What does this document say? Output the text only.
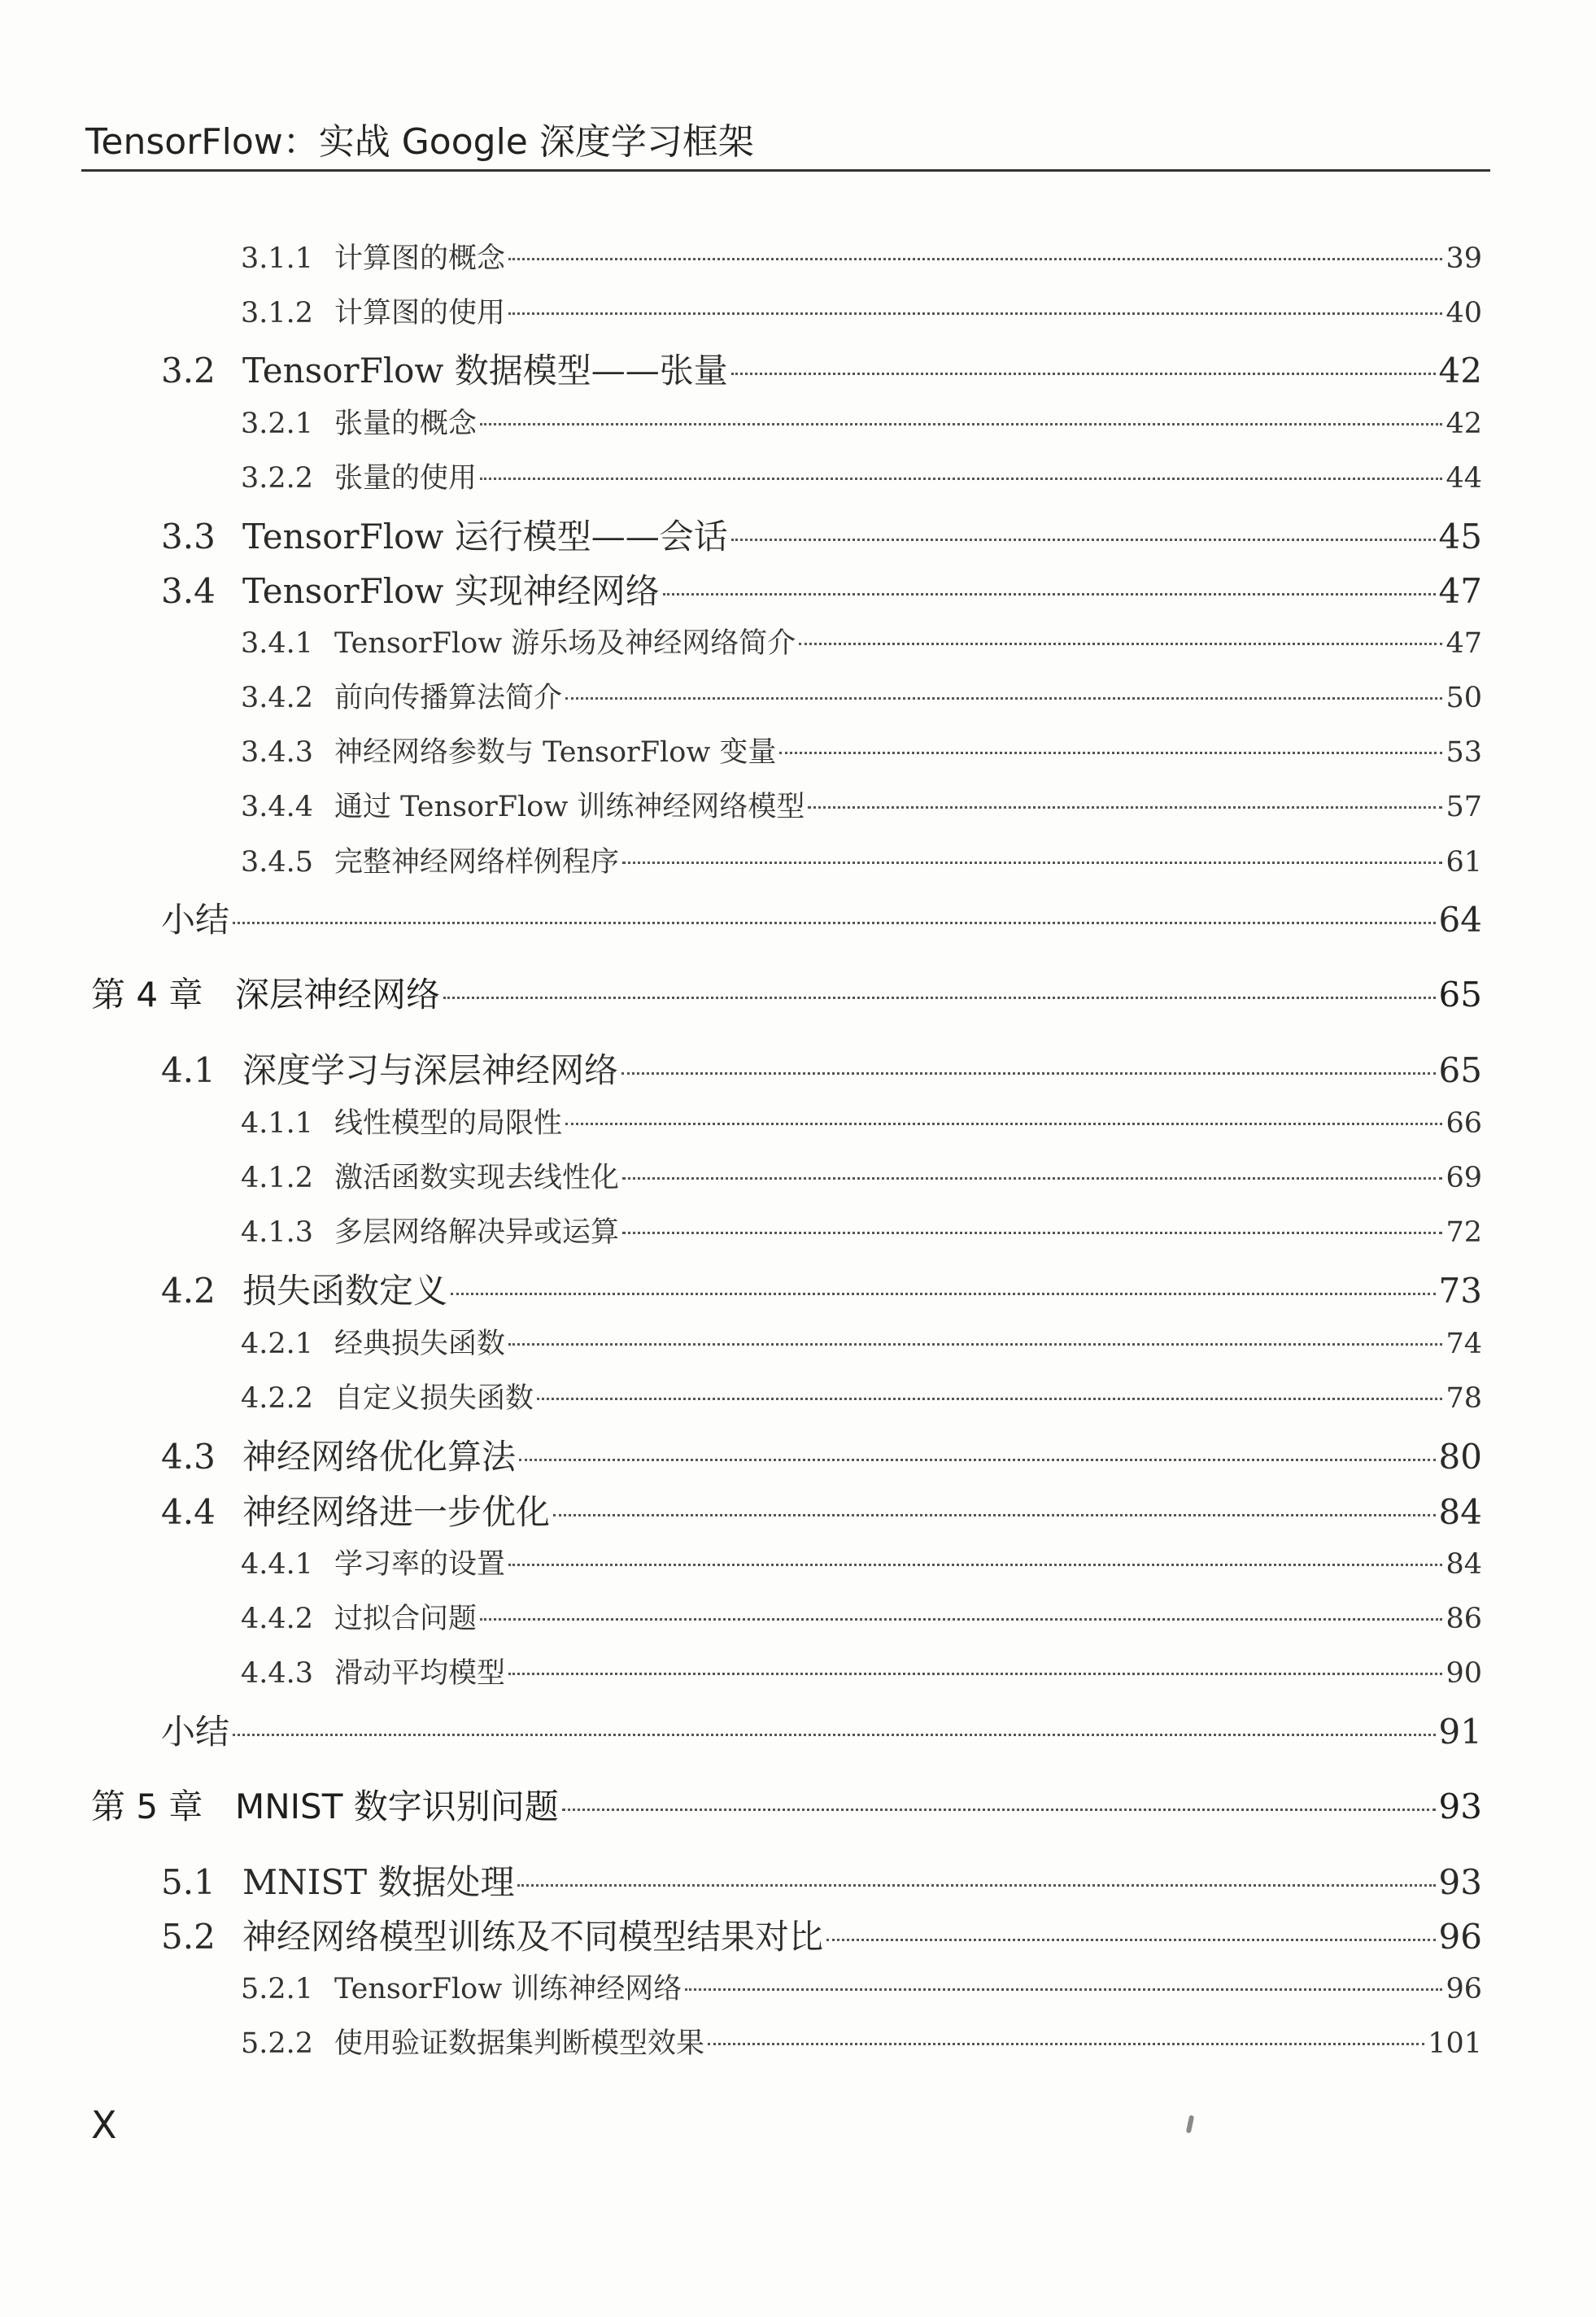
TensorFlow：实战 Google 深度学习框架
3.1.1 计算图的概念	39
3.1.2 计算图的使用	40
3.2 TensorFlow 数据模型——张量	42
3.2.1 张量的概念	42
3.2.2 张量的使用	44
3.3 TensorFlow 运行模型——会话	45
3.4 TensorFlow 实现神经网络	47
3.4.1 TensorFlow 游乐场及神经网络简介	47
3.4.2 前向传播算法简介	50
3.4.3 神经网络参数与 TensorFlow 变量	53
3.4.4 通过 TensorFlow 训练神经网络模型	57
3.4.5 完整神经网络样例程序	61
小结	64
第 4 章 深层神经网络	65
4.1 深度学习与深层神经网络	65
4.1.1 线性模型的局限性	66
4.1.2 激活函数实现去线性化	69
4.1.3 多层网络解决异或运算	72
4.2 损失函数定义	73
4.2.1 经典损失函数	74
4.2.2 自定义损失函数	78
4.3 神经网络优化算法	80
4.4 神经网络进一步优化	84
4.4.1 学习率的设置	84
4.4.2 过拟合问题	86
4.4.3 滑动平均模型	90
小结	91
第 5 章 MNIST 数字识别问题	93
5.1 MNIST 数据处理	93
5.2 神经网络模型训练及不同模型结果对比	96
5.2.1 TensorFlow 训练神经网络	96
5.2.2 使用验证数据集判断模型效果	101
X
